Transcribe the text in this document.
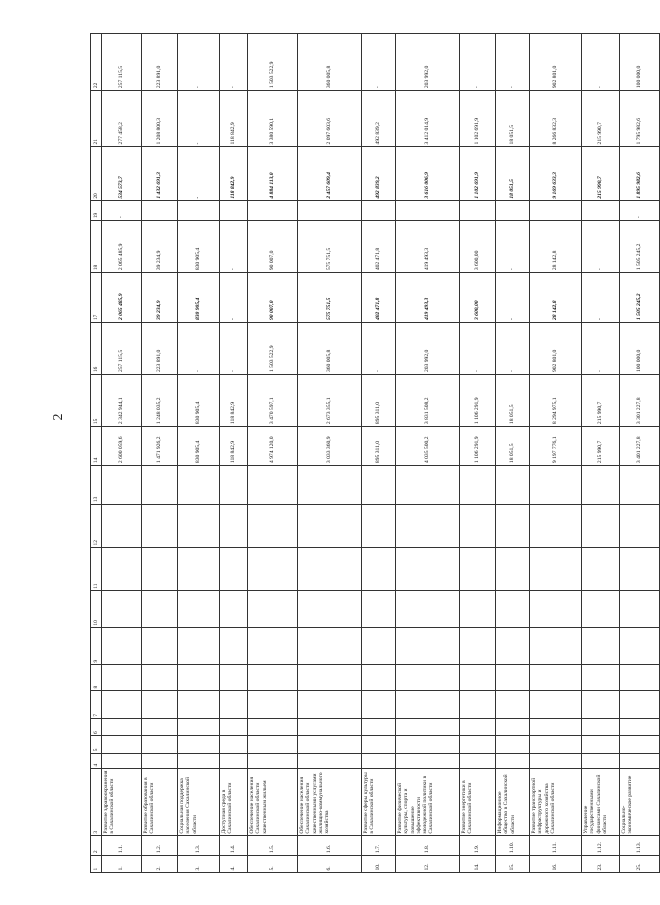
2
1	2	3	4	5	6	7	8	9	10	11	12	13	14	15	16	17	18	19	20	21	22
1.	1.1.	Развитие здравоохранения в Сахалинской области											2 600 059,6	2 342 944,1	257 115,5	2 065 485,9	2 065 485,9	-	534 573,7	277 458,2	257 115,5
2.	1.2.	Развитие образования в Сахалинской области											1 471 926,2	1 248 035,2	223 891,0	39 234,9	39 234,9		1 432 691,3	1 208 800,3	223 891,0
3.	1.3.	Социальная поддержка населения Сахалинской области											830 905,4	830 905,4	-	830 905,4	830 905,4		-	-	-
4.	1.4.	Доступная среда в Сахалинской области											118 842,9	118 842,9	-	-	-		118 842,9	118 842,9	-
5.	1.5.	Обеспечение населения Сахалинской области качественным жильем											4 974 120,0	3 470 597,1	1 503 522,9	90 007,0	90 007,0		4 884 113,0	3 380 590,1	1 503 522,9
6.	1.6.	Обеспечение населения Сахалинской области качественными услугами жилищно-коммунального хозяйства											3 033 360,9	2 673 355,1	360 005,8	575 751,5	575 751,5		2 457 609,4	2 097 603,6	360 005,8
10.	1.7.	Развитие сферы культуры в Сахалинской области											895 311,0	895 311,0	-	402 471,8	402 471,8		492 839,2	492 839,2	-
12.	1.8.	Развитие физической культуры, спорта и повышение эффективности молодежной политики в Сахалинской области											4 035 500,2	3 831 508,2	203 992,0	419 493,3	419 493,3		3 616 006,9	3 412 014,9	203 992,0
14.	1.9.	Развитие энергетики в Сахалинской области											1 106 291,9	1 106 291,9	-	3 600,00	3 600,00		1 102 691,9	1 102 691,9	-
15.	1.10.	Информационное общество в Сахалинской области											18 051,5	18 051,5	-	-	-		18 051,5	18 051,5	-
16.	1.11.	Развитие транспортной инфраструктуры и дорожного хозяйства Сахалинской области											9 197 776,1	8 294 975,1	902 801,0	28 142,8	28 142,8		9 169 633,3	8 266 832,3	902 801,0
23.	1.12.	Управление государственными финансами Сахалинской области											215 990,7	215 990,7	-	-	-		215 990,7	215 990,7	-
25.	1.13.	Социально-экономическое развитие											3 401 227,8	3 301 227,8	100 000,0	1 505 245,2	1 505 245,2	-	1 895 982,6	1 795 982,6	100 000,0
